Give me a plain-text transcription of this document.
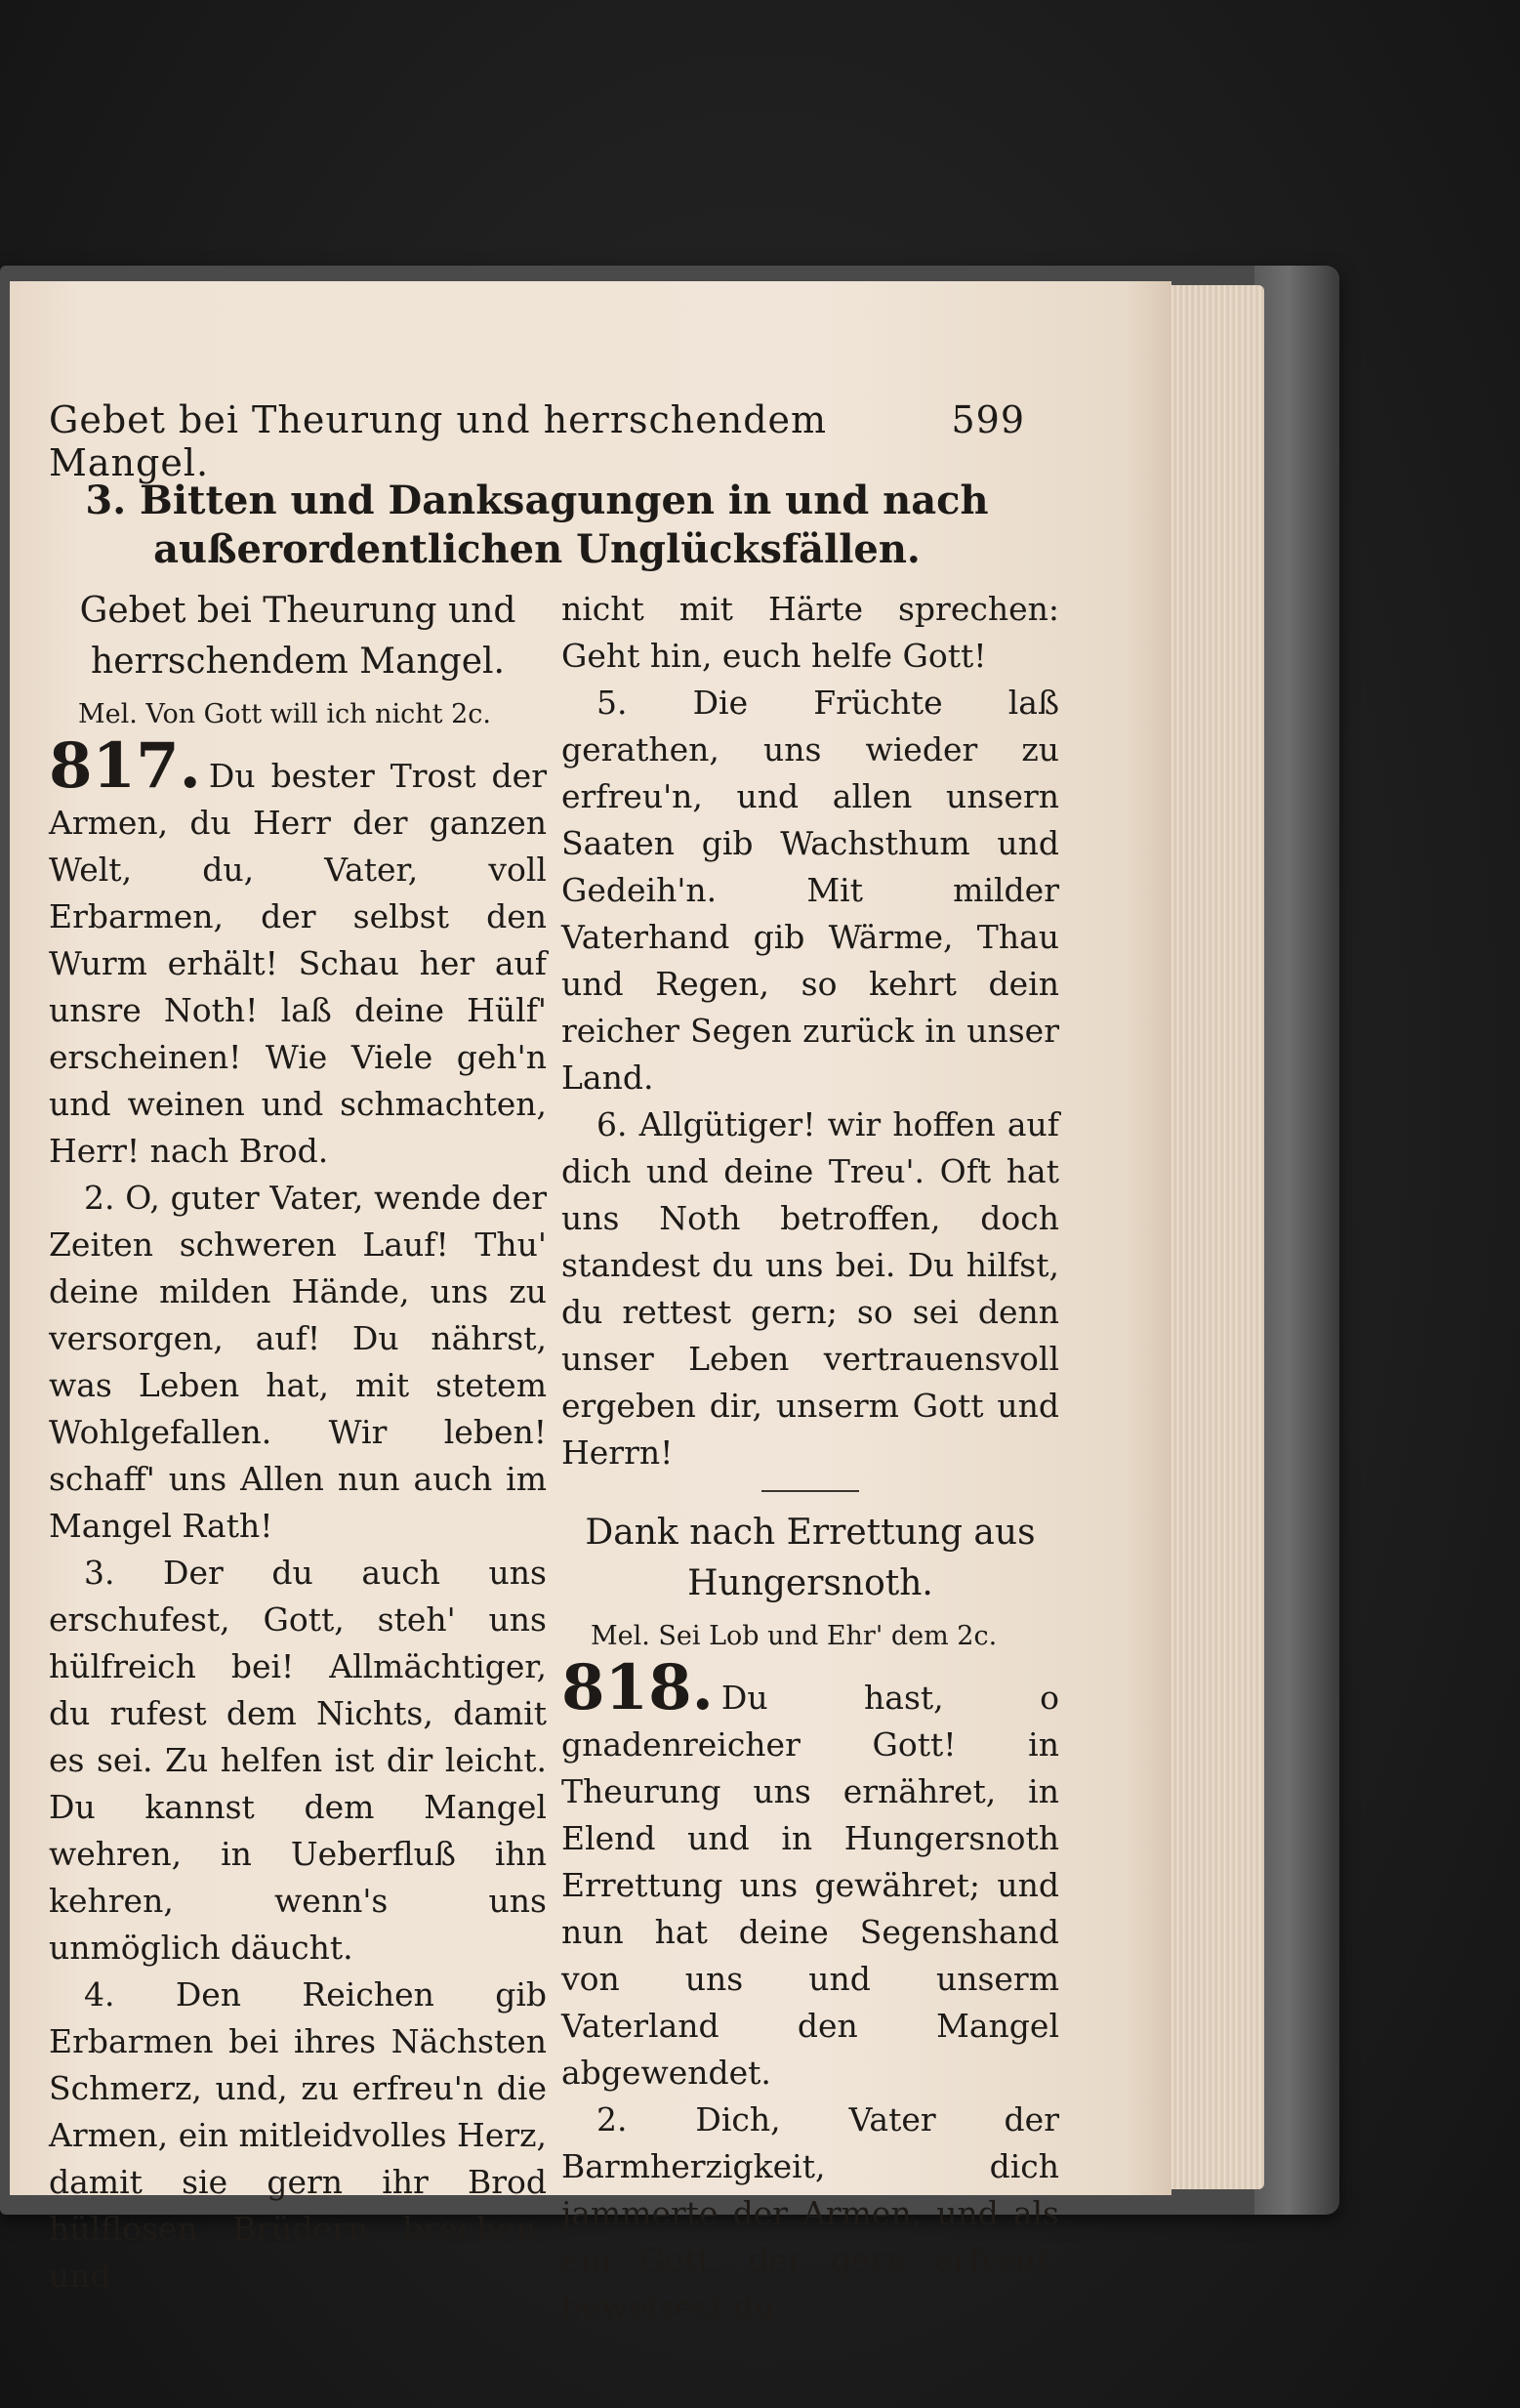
Gebet bei Theurung und herrschendem Mangel.
599
3. Bitten und Danksagungen in und nach außerordentlichen Unglücksfällen.
Gebet bei Theurung und herrschendem Mangel.
Mel. Von Gott will ich nicht 2c.

817. Du bester Trost der Armen, du Herr der ganzen Welt, du, Vater, voll Erbarmen, der selbst den Wurm erhält! Schau her auf unsre Noth! laß deine Hülf' erscheinen! Wie Viele geh'n und weinen und schmachten, Herr! nach Brod.

2. O, guter Vater, wende der Zeiten schweren Lauf! Thu' deine milden Hände, uns zu versorgen, auf! Du nährst, was Leben hat, mit stetem Wohlgefallen. Wir leben! schaff' uns Allen nun auch im Mangel Rath!

3. Der du auch uns erschufest, Gott, steh' uns hülfreich bei! Allmächtiger, du rufest dem Nichts, damit es sei. Zu helfen ist dir leicht. Du kannst dem Mangel wehren, in Ueberfluß ihn kehren, wenn's uns unmöglich däucht.

4. Den Reichen gib Erbarmen bei ihres Nächsten Schmerz, und, zu erfreu'n die Armen, ein mitleidvolles Herz, damit sie gern ihr Brod hülflosen Brüdern brechen, und

nicht mit Härte sprechen: Geht hin, euch helfe Gott!

5. Die Früchte laß gerathen, uns wieder zu erfreu'n, und allen unsern Saaten gib Wachsthum und Gedeih'n. Mit milder Vaterhand gib Wärme, Thau und Regen, so kehrt dein reicher Segen zurück in unser Land.

6. Allgütiger! wir hoffen auf dich und deine Treu'. Oft hat uns Noth betroffen, doch standest du uns bei. Du hilfst, du rettest gern; so sei denn unser Leben vertrauensvoll ergeben dir, unserm Gott und Herrn!

Dank nach Errettung aus Hungersnoth.
Mel. Sei Lob und Ehr' dem 2c.

818. Du hast, o gnadenreicher Gott! in Theurung uns ernähret, in Elend und in Hungersnoth Errettung uns gewähret; und nun hat deine Segenshand von uns und unserm Vaterland den Mangel abgewendet.

2. Dich, Vater der Barmherzigkeit, dich jammerte der Armen, und als ein Gott, der gern erfreut, beweisest du
